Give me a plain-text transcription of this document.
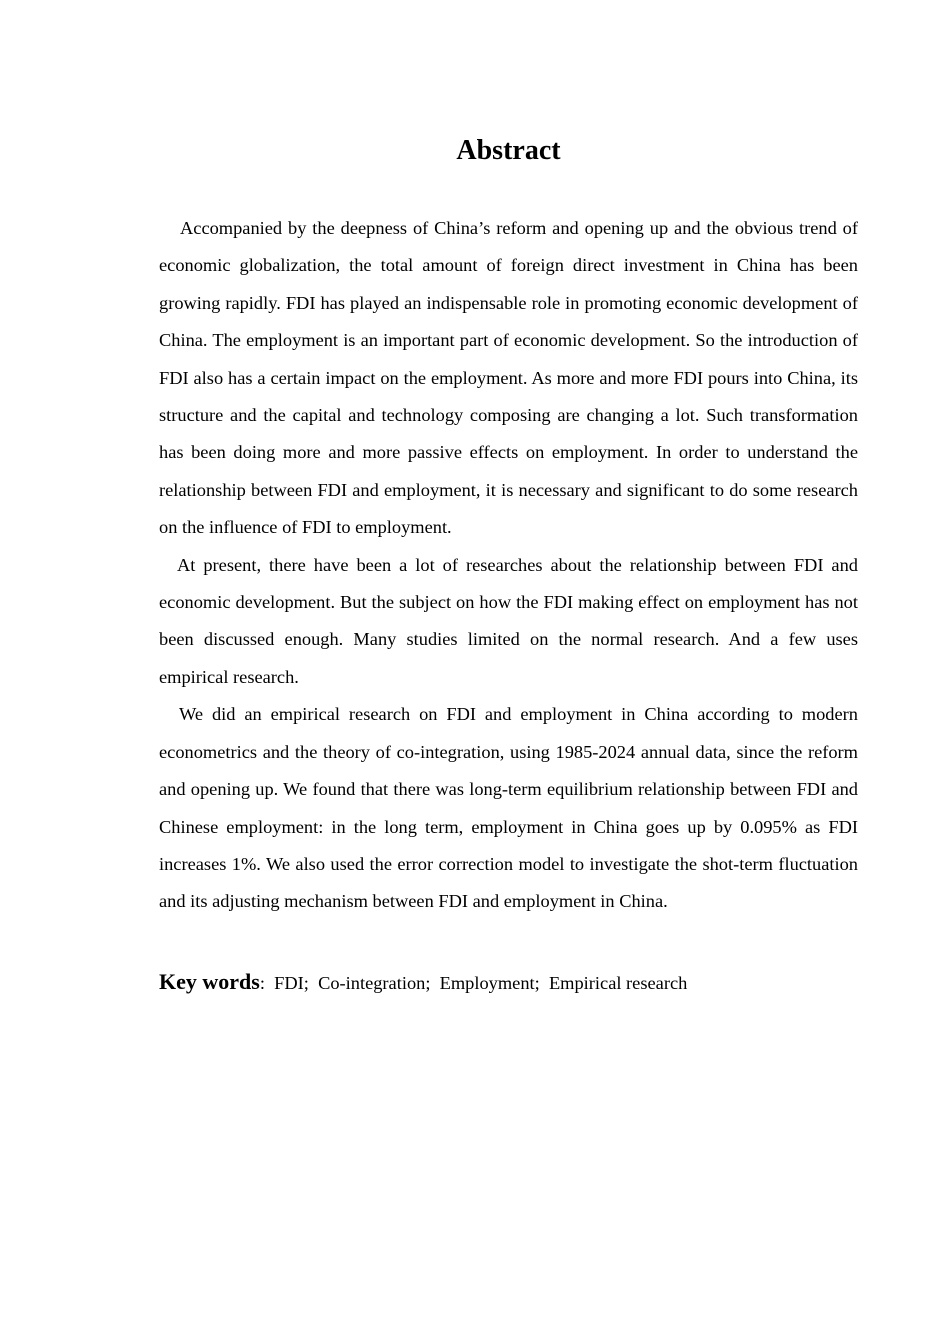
Abstract

Accompanied by the deepness of China’s reform and opening up and the obvious trend of economic globalization, the total amount of foreign direct investment in China has been growing rapidly. FDI has played an indispensable role in promoting economic development of China. The employment is an important part of economic development. So the introduction of FDI also has a certain impact on the employment. As more and more FDI pours into China, its structure and the capital and technology composing are changing a lot. Such transformation has been doing more and more passive effects on employment. In order to understand the relationship between FDI and employment, it is necessary and significant to do some research on the influence of FDI to employment.

At present, there have been a lot of researches about the relationship between FDI and economic development. But the subject on how the FDI making effect on employment has not been discussed enough. Many studies limited on the normal research. And a few uses empirical research.

We did an empirical research on FDI and employment in China according to modern econometrics and the theory of co-integration, using 1985-2024 annual data, since the reform and opening up. We found that there was long-term equilibrium relationship between FDI and Chinese employment: in the long term, employment in China goes up by 0.095% as FDI increases 1%. We also used the error correction model to investigate the shot-term fluctuation and its adjusting mechanism between FDI and employment in China.

Key words:  FDI;  Co-integration;  Employment;  Empirical research
